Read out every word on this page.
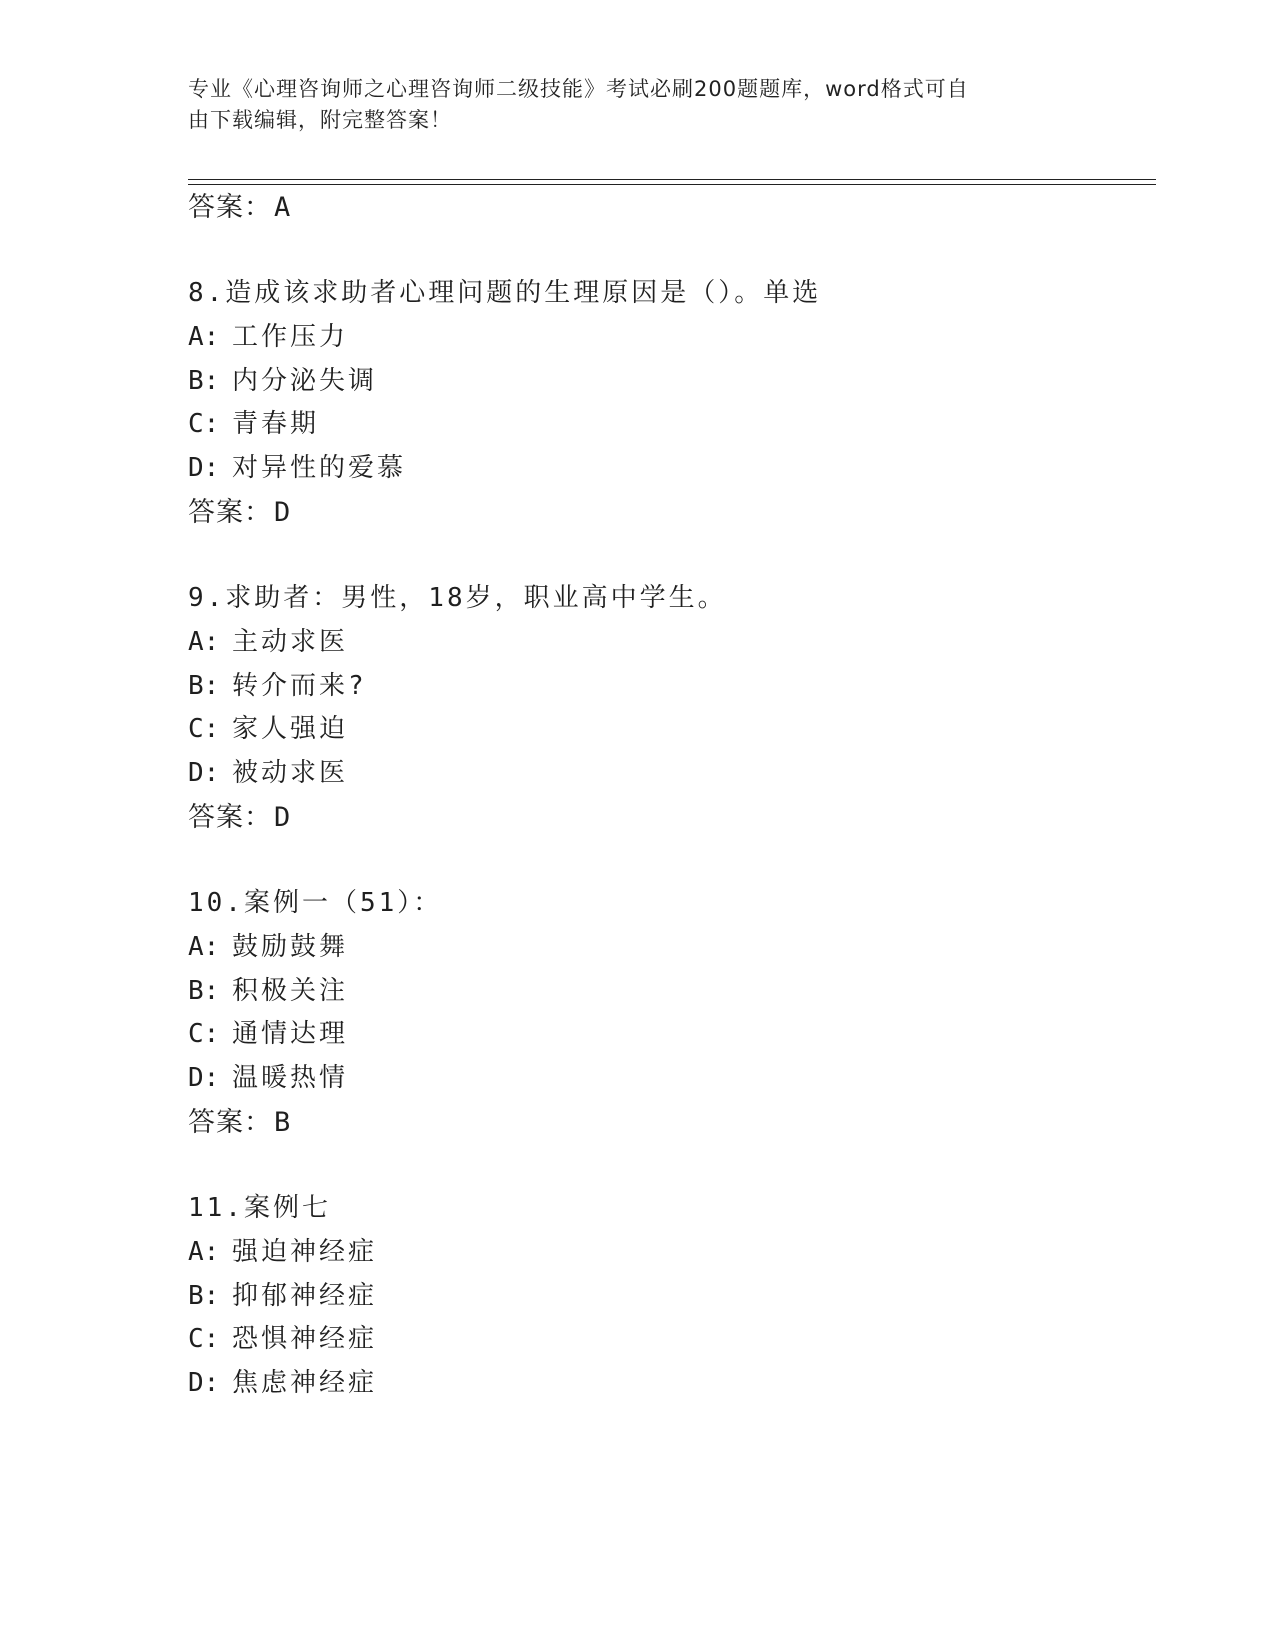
专业《心理咨询师之心理咨询师二级技能》考试必刷200题题库，word格式可自
由下载编辑，附完整答案！
答案：A
8.造成该求助者心理问题的生理原因是（）。单选
A: 工作压力
B: 内分泌失调
C: 青春期
D: 对异性的爱慕
答案：D
9.求助者：男性，18岁，职业高中学生。
A: 主动求医
B: 转介而来?
C: 家人强迫
D: 被动求医
答案：D
10.案例一（51）：
A: 鼓励鼓舞
B: 积极关注
C: 通情达理
D: 温暖热情
答案：B
11.案例七
A: 强迫神经症
B: 抑郁神经症
C: 恐惧神经症
D: 焦虑神经症
